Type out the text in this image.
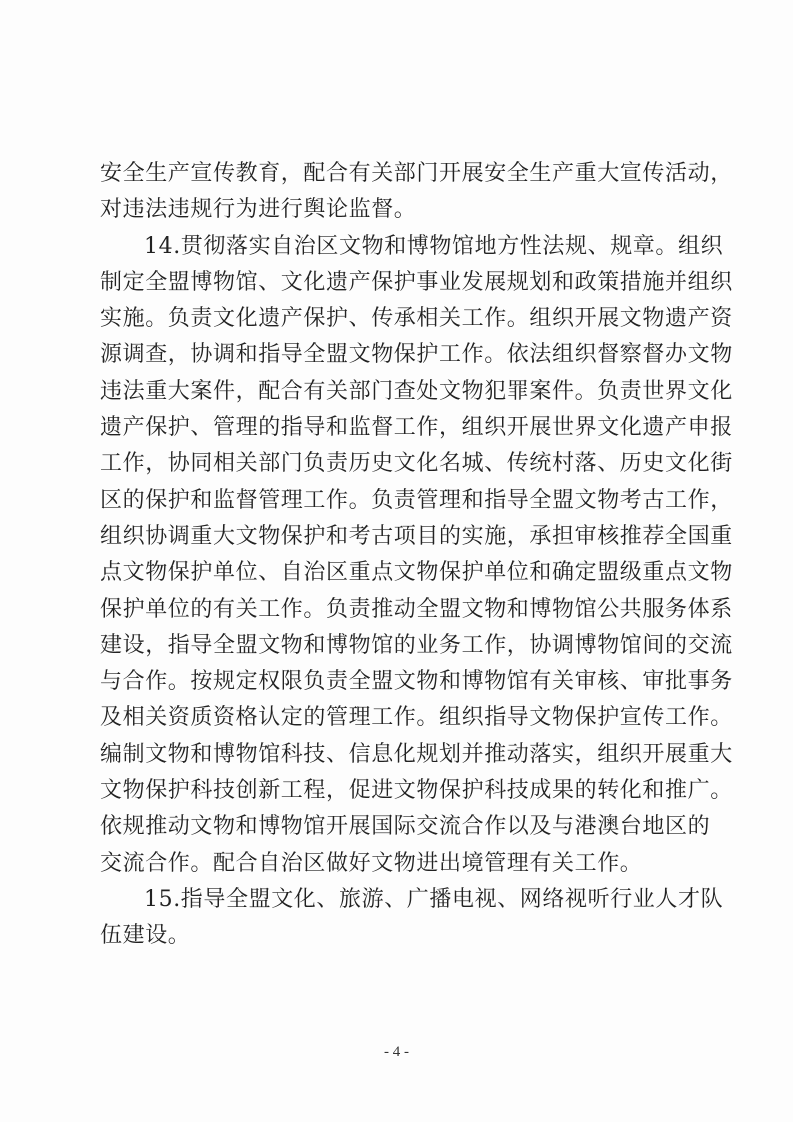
安全生产宣传教育，配合有关部门开展安全生产重大宣传活动，
对违法违规行为进行舆论监督。
14.贯彻落实自治区文物和博物馆地方性法规、规章。组织
制定全盟博物馆、文化遗产保护事业发展规划和政策措施并组织
实施。负责文化遗产保护、传承相关工作。组织开展文物遗产资
源调查，协调和指导全盟文物保护工作。依法组织督察督办文物
违法重大案件，配合有关部门查处文物犯罪案件。负责世界文化
遗产保护、管理的指导和监督工作，组织开展世界文化遗产申报
工作，协同相关部门负责历史文化名城、传统村落、历史文化街
区的保护和监督管理工作。负责管理和指导全盟文物考古工作，
组织协调重大文物保护和考古项目的实施，承担审核推荐全国重
点文物保护单位、自治区重点文物保护单位和确定盟级重点文物
保护单位的有关工作。负责推动全盟文物和博物馆公共服务体系
建设，指导全盟文物和博物馆的业务工作，协调博物馆间的交流
与合作。按规定权限负责全盟文物和博物馆有关审核、审批事务
及相关资质资格认定的管理工作。组织指导文物保护宣传工作。
编制文物和博物馆科技、信息化规划并推动落实，组织开展重大
文物保护科技创新工程，促进文物保护科技成果的转化和推广。
依规推动文物和博物馆开展国际交流合作以及与港澳台地区的
交流合作。配合自治区做好文物进出境管理有关工作。
15.指导全盟文化、旅游、广播电视、网络视听行业人才队
伍建设。
- 4 -
